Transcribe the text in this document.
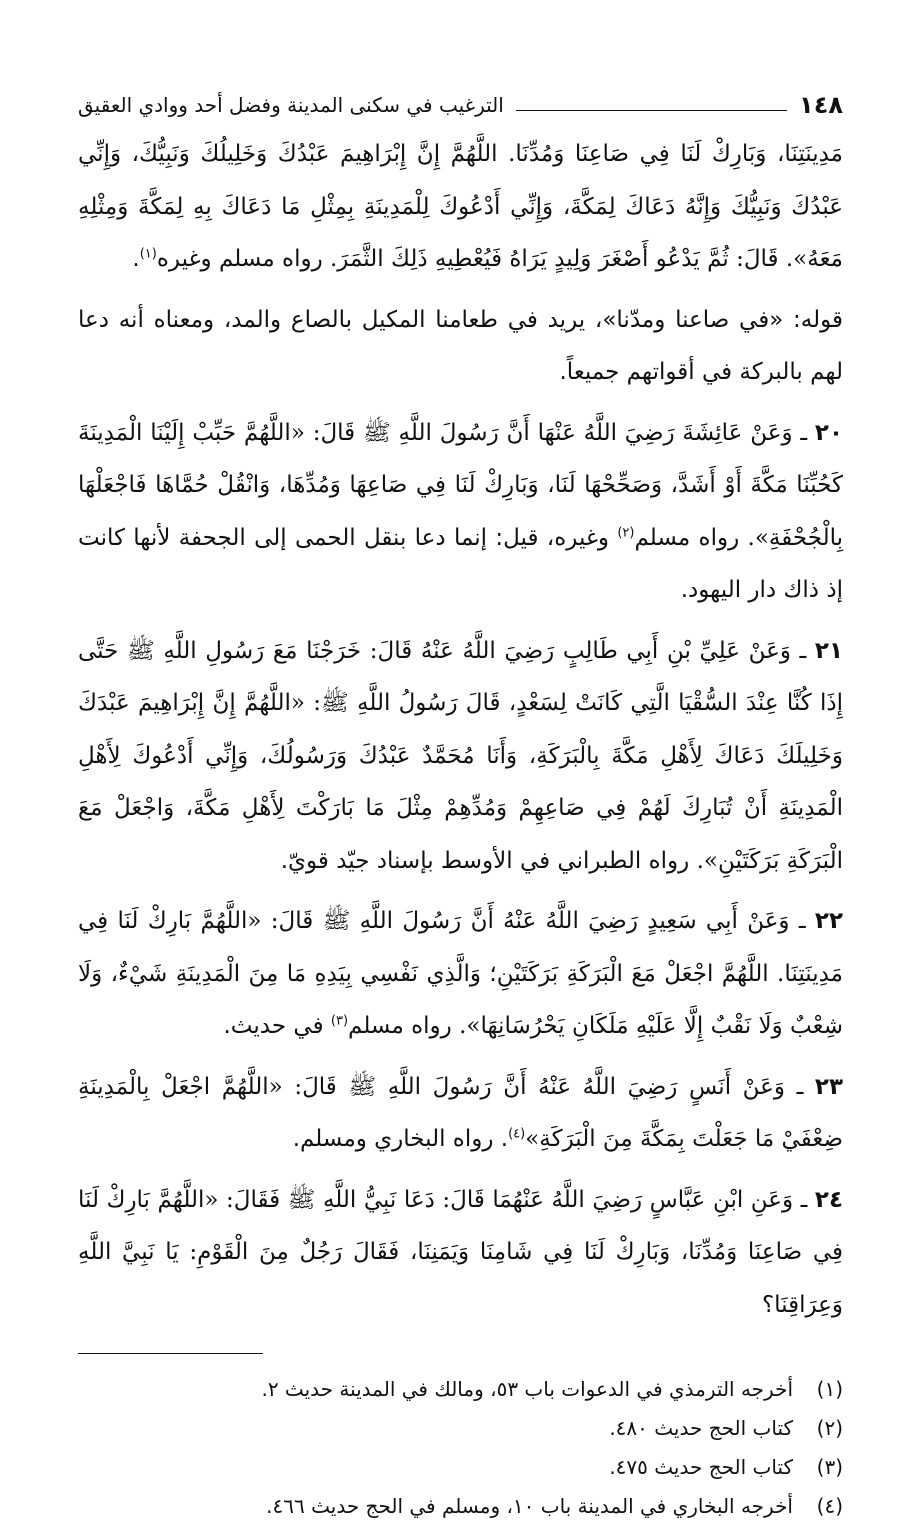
١٤٨
الترغيب في سكنى المدينة وفضل أحد ووادي العقيق

مَدِينَتِنَا، وَبَارِكْ لَنَا فِي صَاعِنَا وَمُدِّنَا. اللَّهُمَّ إِنَّ إِبْرَاهِيمَ عَبْدُكَ وَخَلِيلُكَ وَنَبِيُّكَ، وَإِنِّي عَبْدُكَ وَنَبِيُّكَ وَإِنَّهُ دَعَاكَ لِمَكَّةَ، وَإِنِّي أَدْعُوكَ لِلْمَدِينَةِ بِمِثْلِ مَا دَعَاكَ بِهِ لِمَكَّةَ وَمِثْلِهِ مَعَهُ». قَالَ: ثُمَّ يَدْعُو أَصْغَرَ وَلِيدٍ يَرَاهُ فَيُعْطِيهِ ذَلِكَ الثَّمَرَ. رواه مسلم وغيره$^{(١)}$.

قوله: «في صاعنا ومدّنا»، يريد في طعامنا المكيل بالصاع والمد، ومعناه أنه دعا لهم بالبركة في أقواتهم جميعاً.

٢٠ ـ وَعَنْ عَائِشَةَ رَضِيَ اللَّهُ عَنْهَا أَنَّ رَسُولَ اللَّهِ ﷺ قَالَ: «اللَّهُمَّ حَبِّبْ إِلَيْنَا الْمَدِينَةَ كَحُبِّنَا مَكَّةَ أَوْ أَشَدَّ، وَصَحِّحْهَا لَنَا، وَبَارِكْ لَنَا فِي صَاعِهَا وَمُدِّهَا، وَانْقُلْ حُمَّاهَا فَاجْعَلْهَا بِالْجُحْفَةِ». رواه مسلم$^{(٢)}$ وغيره، قيل: إنما دعا بنقل الحمى إلى الجحفة لأنها كانت إذ ذاك دار اليهود.

٢١ ـ وَعَنْ عَلِيِّ بْنِ أَبِي طَالِبٍ رَضِيَ اللَّهُ عَنْهُ قَالَ: خَرَجْنَا مَعَ رَسُولِ اللَّهِ ﷺ حَتَّى إِذَا كُنَّا عِنْدَ السُّقْيَا الَّتِي كَانَتْ لِسَعْدٍ، قَالَ رَسُولُ اللَّهِ ﷺ: «اللَّهُمَّ إِنَّ إِبْرَاهِيمَ عَبْدَكَ وَخَلِيلَكَ دَعَاكَ لِأَهْلِ مَكَّةَ بِالْبَرَكَةِ، وَأَنَا مُحَمَّدٌ عَبْدُكَ وَرَسُولُكَ، وَإِنِّي أَدْعُوكَ لِأَهْلِ الْمَدِينَةِ أَنْ تُبَارِكَ لَهُمْ فِي صَاعِهِمْ وَمُدِّهِمْ مِثْلَ مَا بَارَكْتَ لِأَهْلِ مَكَّةَ، وَاجْعَلْ مَعَ الْبَرَكَةِ بَرَكَتَيْنِ». رواه الطبراني في الأوسط بإسناد جيّد قويّ.

٢٢ ـ وَعَنْ أَبِي سَعِيدٍ رَضِيَ اللَّهُ عَنْهُ أَنَّ رَسُولَ اللَّهِ ﷺ قَالَ: «اللَّهُمَّ بَارِكْ لَنَا فِي مَدِينَتِنَا. اللَّهُمَّ اجْعَلْ مَعَ الْبَرَكَةِ بَرَكَتَيْنِ؛ وَالَّذِي نَفْسِي بِيَدِهِ مَا مِنَ الْمَدِينَةِ شَيْءٌ، وَلَا شِعْبٌ وَلَا نَقْبٌ إِلَّا عَلَيْهِ مَلَكَانِ يَحْرُسَانِهَا». رواه مسلم$^{(٣)}$ في حديث.

٢٣ ـ وَعَنْ أَنَسٍ رَضِيَ اللَّهُ عَنْهُ أَنَّ رَسُولَ اللَّهِ ﷺ قَالَ: «اللَّهُمَّ اجْعَلْ بِالْمَدِينَةِ ضِعْفَيْ مَا جَعَلْتَ بِمَكَّةَ مِنَ الْبَرَكَةِ»$^{(٤)}$. رواه البخاري ومسلم.

٢٤ ـ وَعَنِ ابْنِ عَبَّاسٍ رَضِيَ اللَّهُ عَنْهُمَا قَالَ: دَعَا نَبِيُّ اللَّهِ ﷺ فَقَالَ: «اللَّهُمَّ بَارِكْ لَنَا فِي صَاعِنَا وَمُدِّنَا، وَبَارِكْ لَنَا فِي شَامِنَا وَيَمَنِنَا، فَقَالَ رَجُلٌ مِنَ الْقَوْمِ: يَا نَبِيَّ اللَّهِ وَعِرَاقِنَا؟

(١)
أخرجه الترمذي في الدعوات باب ٥٣، ومالك في المدينة حديث ٢.
(٢)
كتاب الحج حديث ٤٨٠.
(٣)
كتاب الحج حديث ٤٧٥.
(٤)
أخرجه البخاري في المدينة باب ١٠، ومسلم في الحج حديث ٤٦٦.
